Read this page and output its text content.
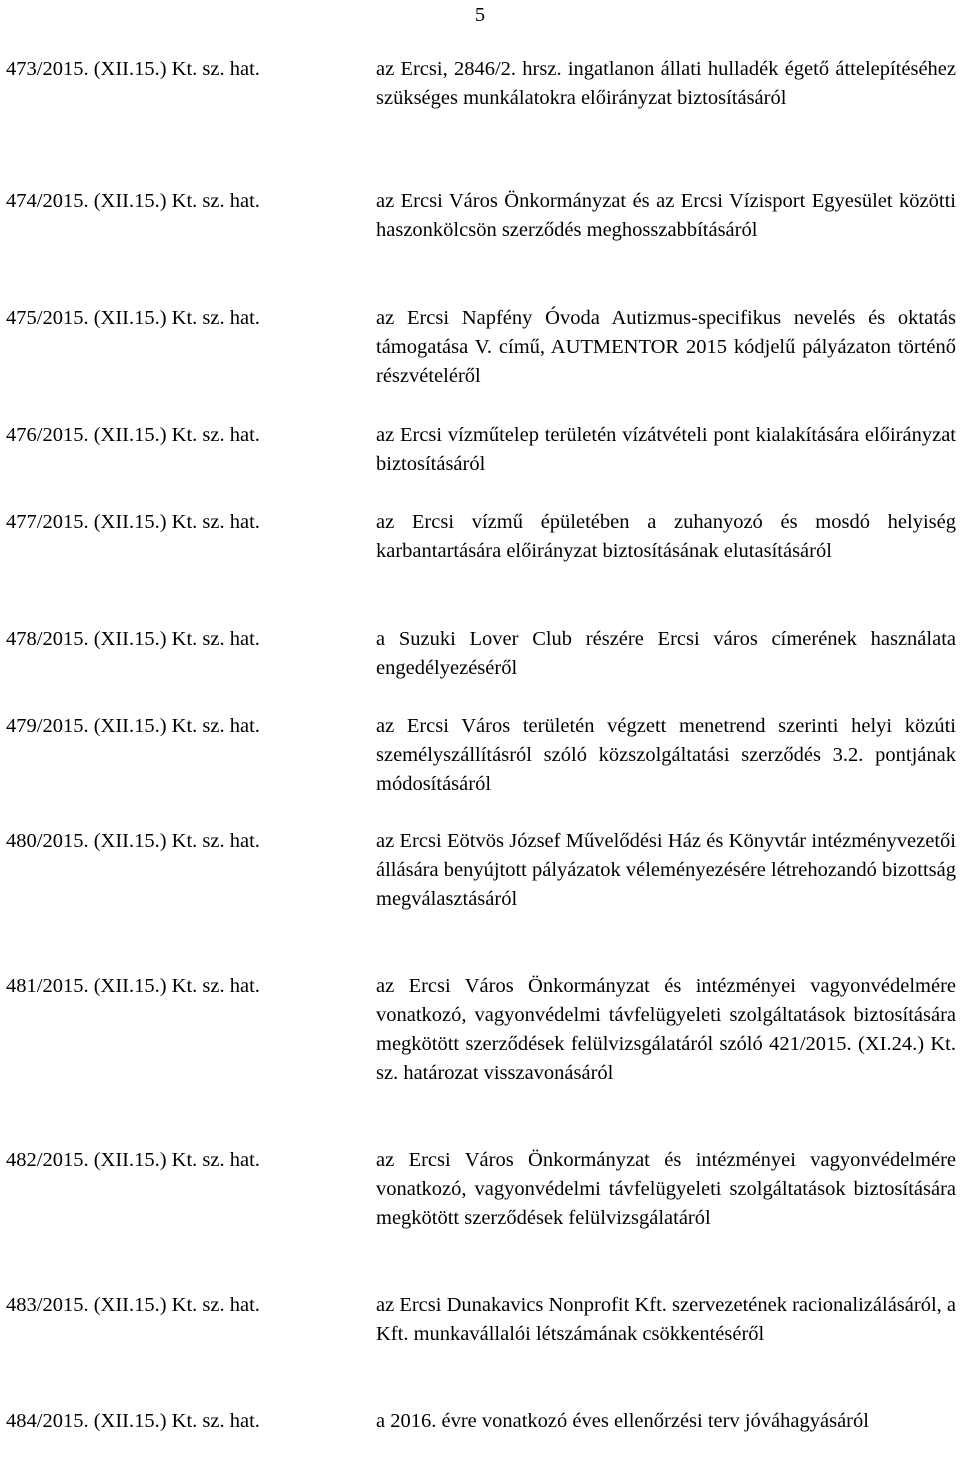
5
473/2015. (XII.15.) Kt. sz. hat.	az Ercsi, 2846/2. hrsz. ingatlanon állati hulladék égető áttelepítéséhez szükséges munkálatokra előirányzat biztosításáról
474/2015. (XII.15.) Kt. sz. hat.	az Ercsi Város Önkormányzat és az Ercsi Vízisport Egyesület közötti haszonkölcsön szerződés meghosszabbításáról
475/2015. (XII.15.) Kt. sz. hat.	az Ercsi Napfény Óvoda Autizmus-specifikus nevelés és oktatás támogatása V. című, AUTMENTOR 2015 kódjelű pályázaton történő részvételéről
476/2015. (XII.15.) Kt. sz. hat.	az Ercsi vízműtelep területén vízátvételi pont kialakítására előirányzat biztosításáról
477/2015. (XII.15.) Kt. sz. hat.	az Ercsi vízmű épületében a zuhanyozó és mosdó helyiség karbantartására előirányzat biztosításának elutasításáról
478/2015. (XII.15.) Kt. sz. hat.	a Suzuki Lover Club részére Ercsi város címerének használata engedélyezéséről
479/2015. (XII.15.) Kt. sz. hat.	az Ercsi Város területén végzett menetrend szerinti helyi közúti személyszállításról szóló közszolgáltatási szerződés 3.2. pontjának módosításáról
480/2015. (XII.15.) Kt. sz. hat.	az Ercsi Eötvös József Művelődési Ház és Könyvtár intézményvezetői állására benyújtott pályázatok véleményezésére létrehozandó bizottság megválasztásáról
481/2015. (XII.15.) Kt. sz. hat.	az Ercsi Város Önkormányzat és intézményei vagyonvédelmére vonatkozó, vagyonvédelmi távfelügyeleti szolgáltatások biztosítására megkötött szerződések felülvizsgálatáról szóló 421/2015. (XI.24.) Kt. sz. határozat visszavonásáról
482/2015. (XII.15.) Kt. sz. hat.	az Ercsi Város Önkormányzat és intézményei vagyonvédelmére vonatkozó, vagyonvédelmi távfelügyeleti szolgáltatások biztosítására megkötött szerződések felülvizsgálatáról
483/2015. (XII.15.) Kt. sz. hat.	az Ercsi Dunakavics Nonprofit Kft. szervezetének racionalizálásáról, a Kft. munkavállalói létszámának csökkentéséről
484/2015. (XII.15.) Kt. sz. hat.	a 2016. évre vonatkozó éves ellenőrzési terv jóváhagyásáról
